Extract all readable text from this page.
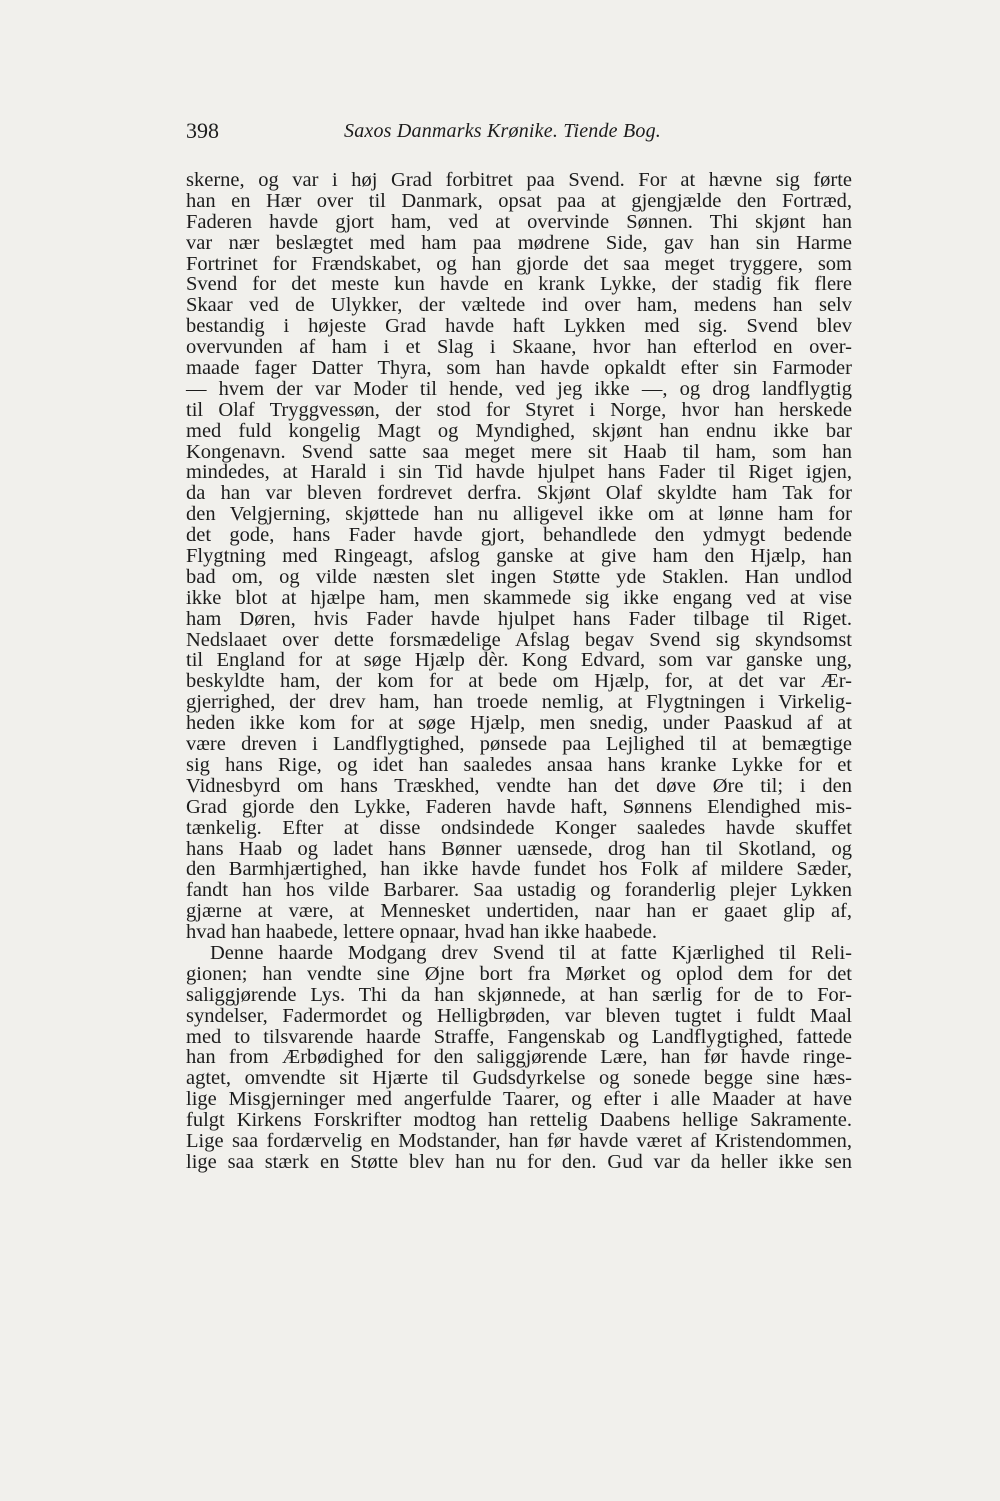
398	Saxos Danmarks Krønike. Tiende Bog.
skerne, og var i høj Grad forbitret paa Svend. For at hævne sig førte
han en Hær over til Danmark, opsat paa at gjengjælde den Fortræd,
Faderen havde gjort ham, ved at overvinde Sønnen. Thi skjønt han
var nær beslægtet med ham paa mødrene Side, gav han sin Harme
Fortrinet for Frændskabet, og han gjorde det saa meget tryggere, som
Svend for det meste kun havde en krank Lykke, der stadig fik flere
Skaar ved de Ulykker, der væltede ind over ham, medens han selv
bestandig i højeste Grad havde haft Lykken med sig. Svend blev
overvunden af ham i et Slag i Skaane, hvor han efterlod en over-
maade fager Datter Thyra, som han havde opkaldt efter sin Farmoder
— hvem der var Moder til hende, ved jeg ikke —, og drog landflygtig
til Olaf Tryggvessøn, der stod for Styret i Norge, hvor han herskede
med fuld kongelig Magt og Myndighed, skjønt han endnu ikke bar
Kongenavn. Svend satte saa meget mere sit Haab til ham, som han
mindedes, at Harald i sin Tid havde hjulpet hans Fader til Riget igjen,
da han var bleven fordrevet derfra. Skjønt Olaf skyldte ham Tak for
den Velgjerning, skjøttede han nu alligevel ikke om at lønne ham for
det gode, hans Fader havde gjort, behandlede den ydmygt bedende
Flygtning med Ringeagt, afslog ganske at give ham den Hjælp, han
bad om, og vilde næsten slet ingen Støtte yde Staklen. Han undlod
ikke blot at hjælpe ham, men skammede sig ikke engang ved at vise
ham Døren, hvis Fader havde hjulpet hans Fader tilbage til Riget.
Nedslaaet over dette forsmædelige Afslag begav Svend sig skyndsomst
til England for at søge Hjælp dèr. Kong Edvard, som var ganske ung,
beskyldte ham, der kom for at bede om Hjælp, for, at det var Ær-
gjerrighed, der drev ham, han troede nemlig, at Flygtningen i Virkelig-
heden ikke kom for at søge Hjælp, men snedig, under Paaskud af at
være dreven i Landflygtighed, pønsede paa Lejlighed til at bemægtige
sig hans Rige, og idet han saaledes ansaa hans kranke Lykke for et
Vidnesbyrd om hans Træskhed, vendte han det døve Øre til; i den
Grad gjorde den Lykke, Faderen havde haft, Sønnens Elendighed mis-
tænkelig. Efter at disse ondsindede Konger saaledes havde skuffet
hans Haab og ladet hans Bønner uænsede, drog han til Skotland, og
den Barmhjærtighed, han ikke havde fundet hos Folk af mildere Sæder,
fandt han hos vilde Barbarer. Saa ustadig og foranderlig plejer Lykken
gjærne at være, at Mennesket undertiden, naar han er gaaet glip af,
hvad han haabede, lettere opnaar, hvad han ikke haabede.
Denne haarde Modgang drev Svend til at fatte Kjærlighed til Reli-
gionen; han vendte sine Øjne bort fra Mørket og oplod dem for det
saliggjørende Lys. Thi da han skjønnede, at han særlig for de to For-
syndelser, Fadermordet og Helligbrøden, var bleven tugtet i fuldt Maal
med to tilsvarende haarde Straffe, Fangenskab og Landflygtighed, fattede
han from Ærbødighed for den saliggjørende Lære, han før havde ringe-
agtet, omvendte sit Hjærte til Gudsdyrkelse og sonede begge sine hæs-
lige Misgjerninger med angerfulde Taarer, og efter i alle Maader at have
fulgt Kirkens Forskrifter modtog han rettelig Daabens hellige Sakramente.
Lige saa fordærvelig en Modstander, han før havde været af Kristendommen,
lige saa stærk en Støtte blev han nu for den. Gud var da heller ikke sen
